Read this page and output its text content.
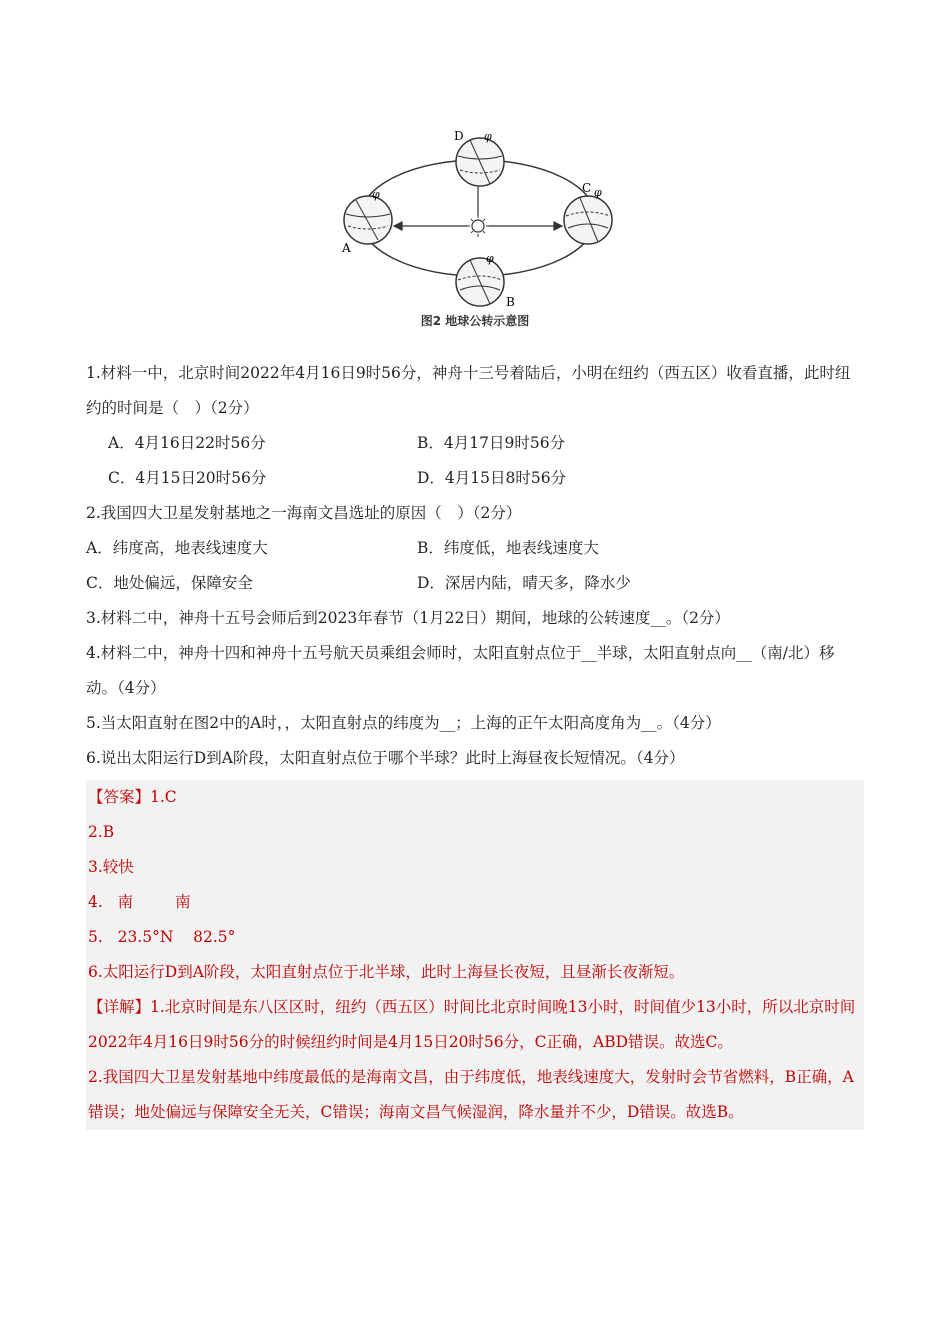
A
B
C
D
φ
φ
φ
φ
图2 地球公转示意图
1.材料一中，北京时间2022年4月16日9时56分，神舟十三号着陆后，小明在纽约（西五区）收看直播，此时纽约的时间是（　）（2分）
A．4月16日22时56分	B．4月17日9时56分
C．4月15日20时56分	D．4月15日8时56分
2.我国四大卫星发射基地之一海南文昌选址的原因（　）（2分）
A．纬度高，地表线速度大	B．纬度低，地表线速度大
C．地处偏远，保障安全	D．深居内陆，晴天多，降水少
3.材料二中，神舟十五号会师后到2023年春节（1月22日）期间，地球的公转速度__。（2分）
4.材料二中，神舟十四和神舟十五号航天员乘组会师时，太阳直射点位于__半球，太阳直射点向__（南/北）移动。（4分）
5.当太阳直射在图2中的A时，，太阳直射点的纬度为__；上海的正午太阳高度角为__。（4分）
6.说出太阳运行D到A阶段，太阳直射点位于哪个半球？此时上海昼夜长短情况。（4分）
【答案】1.C
2.B
3.较快
4. 南	南
5. 23.5°N 82.5°
6.太阳运行D到A阶段，太阳直射点位于北半球，此时上海昼长夜短，且昼渐长夜渐短。
【详解】1.北京时间是东八区区时，纽约（西五区）时间比北京时间晚13小时，时间值少13小时，所以北京时间2022年4月16日9时56分的时候纽约时间是4月15日20时56分，C正确，ABD错误。故选C。
2.我国四大卫星发射基地中纬度最低的是海南文昌，由于纬度低，地表线速度大，发射时会节省燃料，B正确，A错误；地处偏远与保障安全无关，C错误；海南文昌气候湿润，降水量并不少，D错误。故选B。
